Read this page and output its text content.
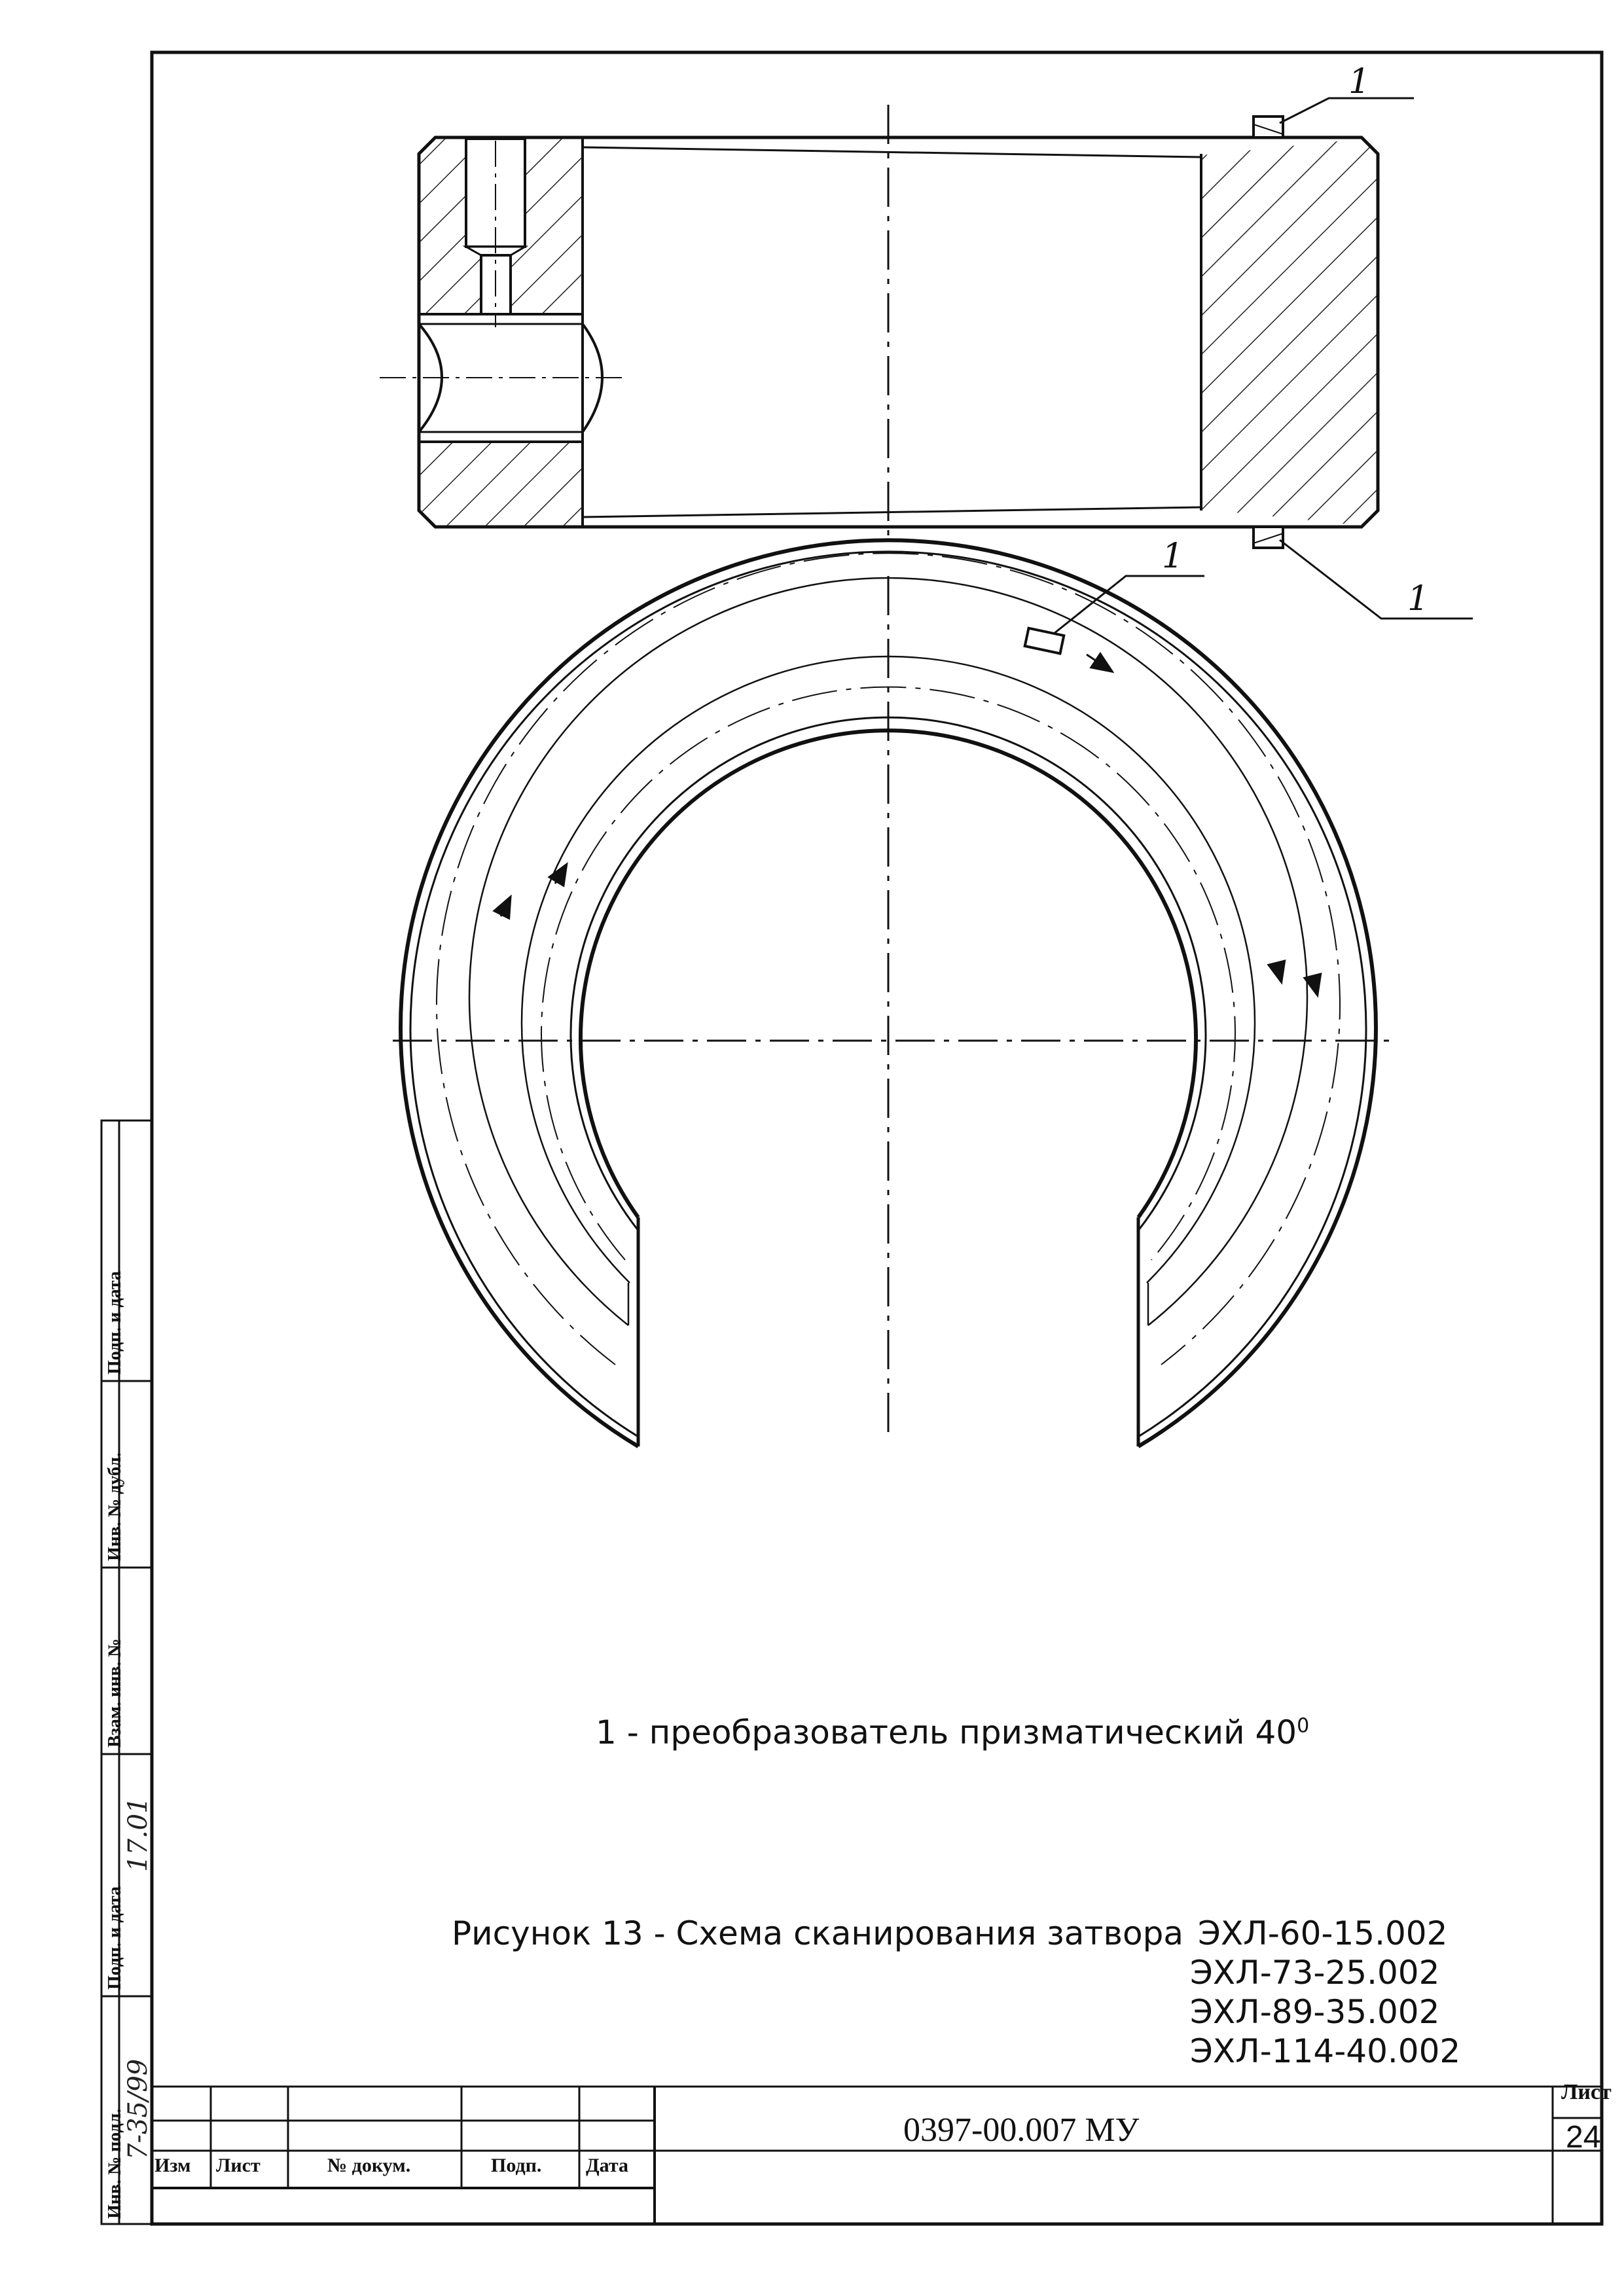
1
1
1
1 - преобразователь призматический $40^0$
Рисунок 13 - Схема сканирования затвора ЭХЛ-60-15.002
ЭХЛ-73-25.002
ЭХЛ-89-35.002
ЭХЛ-114-40.002
0397-00.007 МУ
Лист
24
Изм Лист	№ докум.	Подп. Дата
Инв. № подл.
Подп. и дата
Взам. инв. №
Инв. № дубл.
Подп. и дата
7-35/99
17.01
